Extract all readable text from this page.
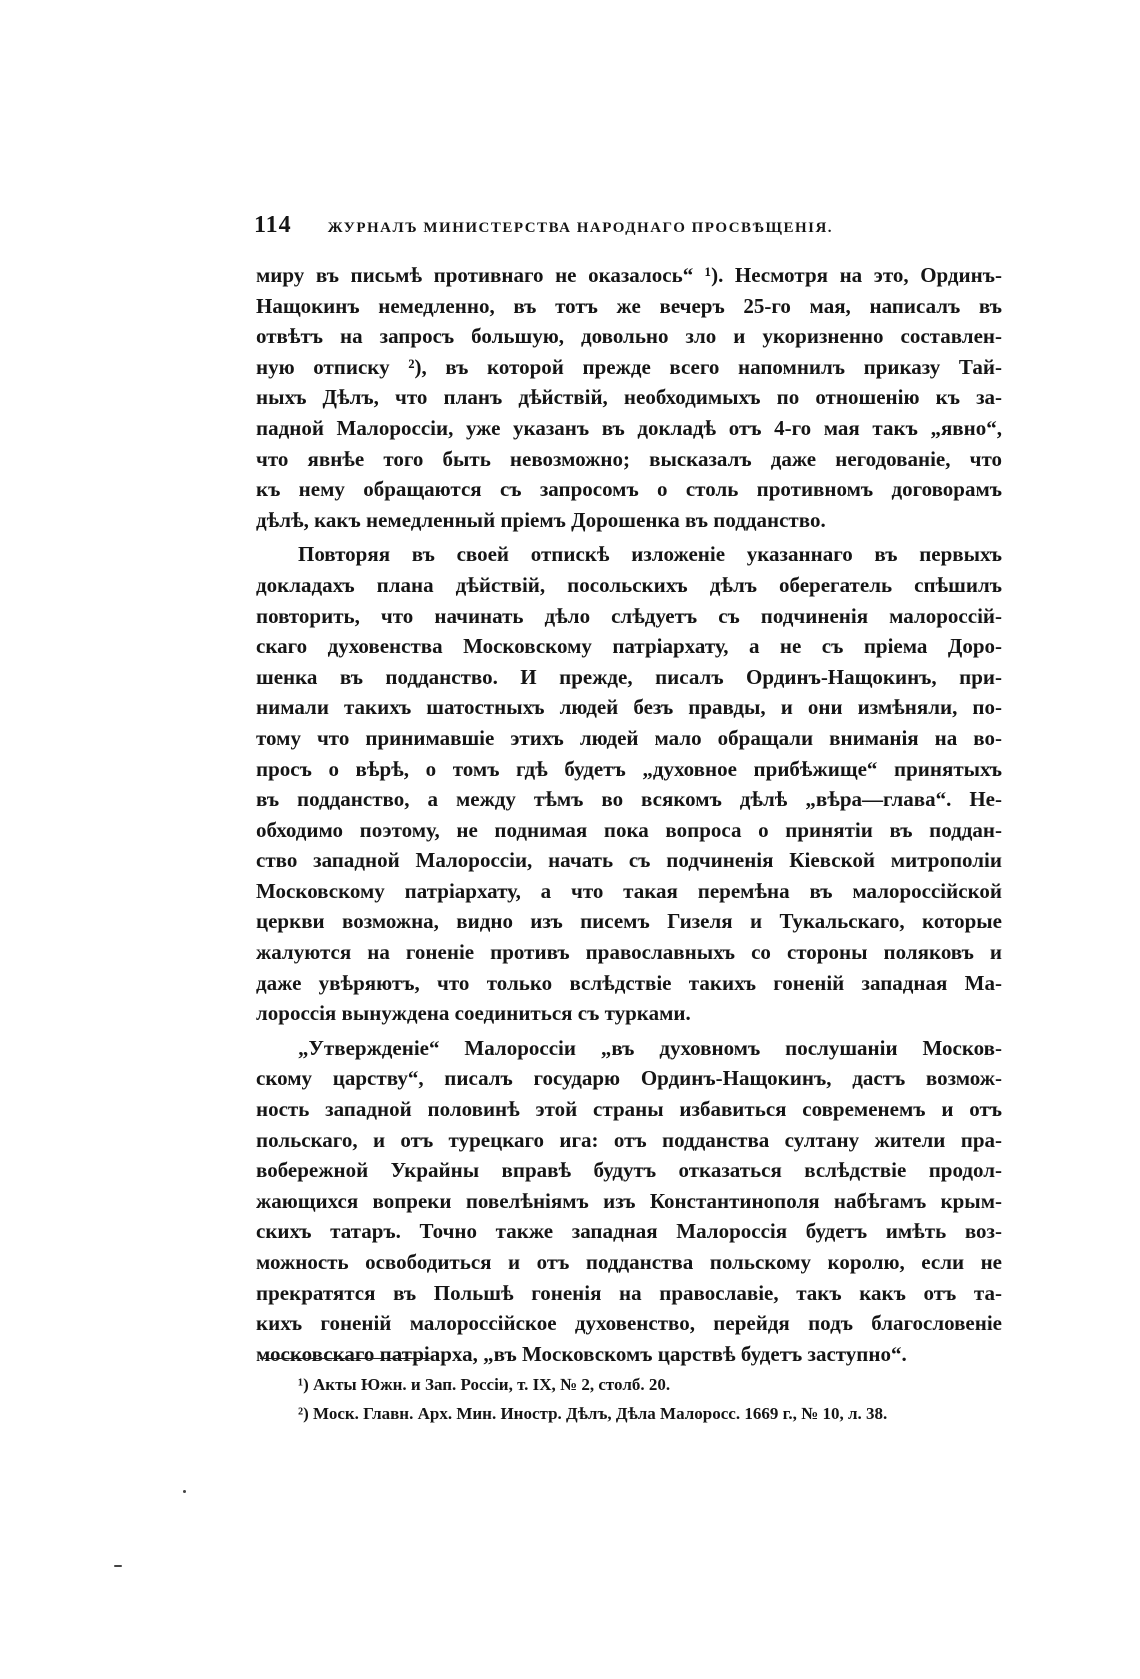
114 ЖУРНАЛЪ МИНИСТЕРСТВА НАРОДНАГО ПРОСВѢЩЕНІЯ.
миру въ письмѣ противнаго не оказалось“ ¹). Несмотря на это, Ординъ-
Нащокинъ немедленно, въ тотъ же вечеръ 25-го мая, написалъ въ
отвѣтъ на запросъ большую, довольно зло и укоризненно составлен-
ную отписку ²), въ которой прежде всего напомнилъ приказу Тай-
ныхъ Дѣлъ, что планъ дѣйствій, необходимыхъ по отношенію къ за-
падной Малороссіи, уже указанъ въ докладѣ отъ 4-го мая такъ „явно“,
что явнѣе того быть невозможно; высказалъ даже негодованіе, что
къ нему обращаются съ запросомъ о столь противномъ договорамъ
дѣлѣ, какъ немедленный пріемъ Дорошенка въ подданство.
Повторяя въ своей отпискѣ изложеніе указаннаго въ первыхъ
докладахъ плана дѣйствій, посольскихъ дѣлъ оберегатель спѣшилъ
повторить, что начинать дѣло слѣдуетъ съ подчиненія малороссій-
скаго духовенства Московскому патріархату, а не съ пріема Доро-
шенка въ подданство. И прежде, писалъ Ординъ-Нащокинъ, при-
нимали такихъ шатостныхъ людей безъ правды, и они измѣняли, по-
тому что принимавшіе этихъ людей мало обращали вниманія на во-
просъ о вѣрѣ, о томъ гдѣ будетъ „духовное прибѣжище“ принятыхъ
въ подданство, а между тѣмъ во всякомъ дѣлѣ „вѣра—глава“. Не-
обходимо поэтому, не поднимая пока вопроса о принятіи въ поддан-
ство западной Малороссіи, начать съ подчиненія Кіевской митрополіи
Московскому патріархату, а что такая перемѣна въ малороссійской
церкви возможна, видно изъ писемъ Гизеля и Тукальскаго, которые
жалуются на гоненіе противъ православныхъ со стороны поляковъ и
даже увѣряютъ, что только вслѣдствіе такихъ гоненій западная Ма-
лороссія вынуждена соединиться съ турками.
„Утвержденіе“ Малороссіи „въ духовномъ послушаніи Москов-
скому царству“, писалъ государю Ординъ-Нащокинъ, дастъ возмож-
ность западной половинѣ этой страны избавиться современемъ и отъ
польскаго, и отъ турецкаго ига: отъ подданства султану жители пра-
вобережной Украйны вправѣ будутъ отказаться вслѣдствіе продол-
жающихся вопреки повелѣніямъ изъ Константинополя набѣгамъ крым-
скихъ татаръ. Точно также западная Малороссія будетъ имѣть воз-
можность освободиться и отъ подданства польскому королю, если не
прекратятся въ Польшѣ гоненія на православіе, такъ какъ отъ та-
кихъ гоненій малороссійское духовенство, перейдя подъ благословеніе
московскаго патріарха, „въ Московскомъ царствѣ будетъ заступно“.
¹) Акты Южн. и Зап. Россіи, т. IX, № 2, столб. 20.
²) Моск. Главн. Арх. Мин. Иностр. Дѣлъ, Дѣла Малоросс. 1669 г., № 10, л. 38.
